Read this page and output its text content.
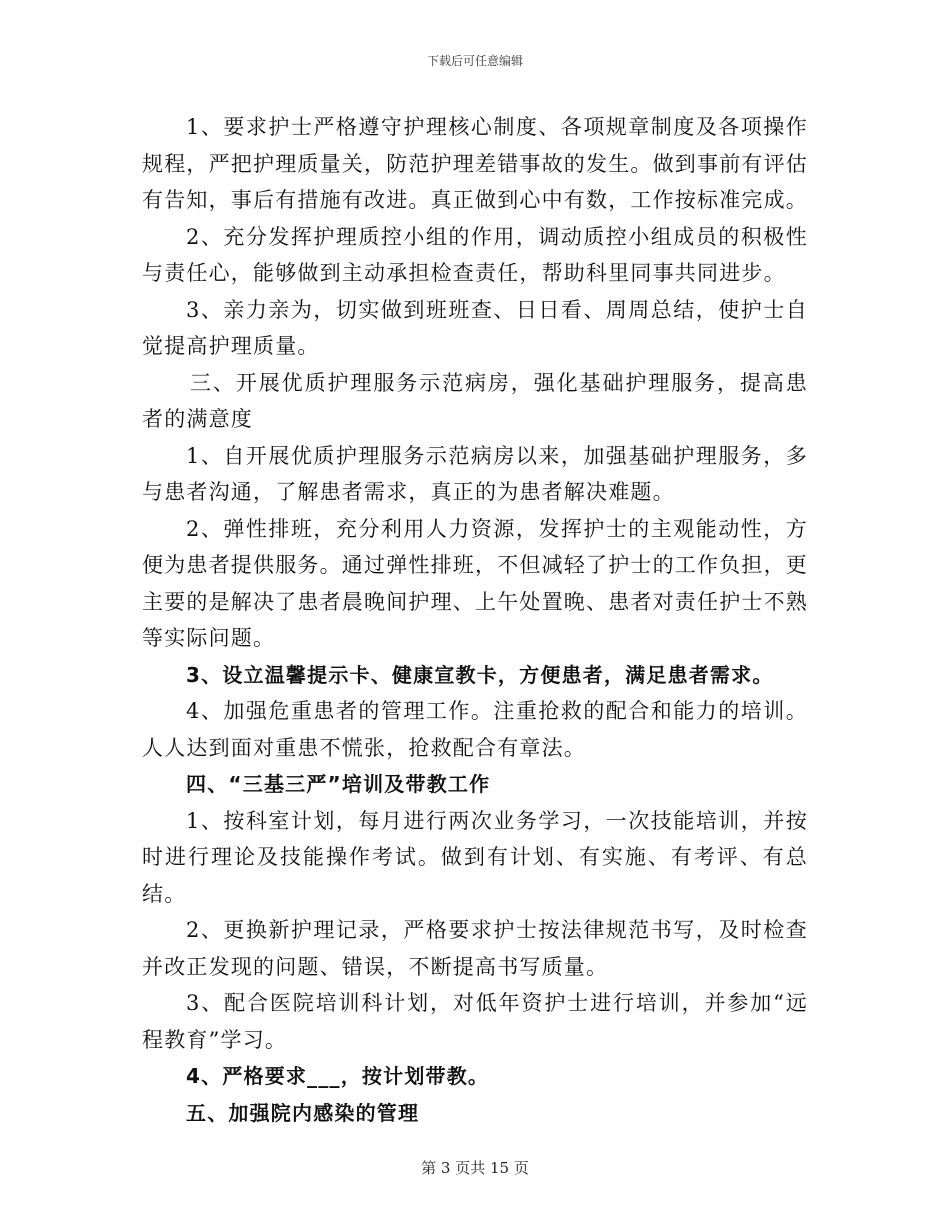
下载后可任意编辑

1、要求护士严格遵守护理核心制度、各项规章制度及各项操作规程，严把护理质量关，防范护理差错事故的发生。做到事前有评估有告知，事后有措施有改进。真正做到心中有数，工作按标准完成。

2、充分发挥护理质控小组的作用，调动质控小组成员的积极性与责任心，能够做到主动承担检查责任，帮助科里同事共同进步。

3、亲力亲为，切实做到班班查、日日看、周周总结，使护士自觉提高护理质量。

三、开展优质护理服务示范病房，强化基础护理服务，提高患者的满意度

1、自开展优质护理服务示范病房以来，加强基础护理服务，多与患者沟通，了解患者需求，真正的为患者解决难题。

2、弹性排班，充分利用人力资源，发挥护士的主观能动性，方便为患者提供服务。通过弹性排班，不但减轻了护士的工作负担，更主要的是解决了患者晨晚间护理、上午处置晚、患者对责任护士不熟等实际问题。

3、设立温馨提示卡、健康宣教卡，方便患者，满足患者需求。

4、加强危重患者的管理工作。注重抢救的配合和能力的培训。人人达到面对重患不慌张，抢救配合有章法。

四、“三基三严”培训及带教工作

1、按科室计划，每月进行两次业务学习，一次技能培训，并按时进行理论及技能操作考试。做到有计划、有实施、有考评、有总结。

2、更换新护理记录，严格要求护士按法律规范书写，及时检查并改正发现的问题、错误，不断提高书写质量。

3、配合医院培训科计划，对低年资护士进行培训，并参加“远程教育”学习。

4、严格要求___，按计划带教。

五、加强院内感染的管理

第 3 页共 15 页
